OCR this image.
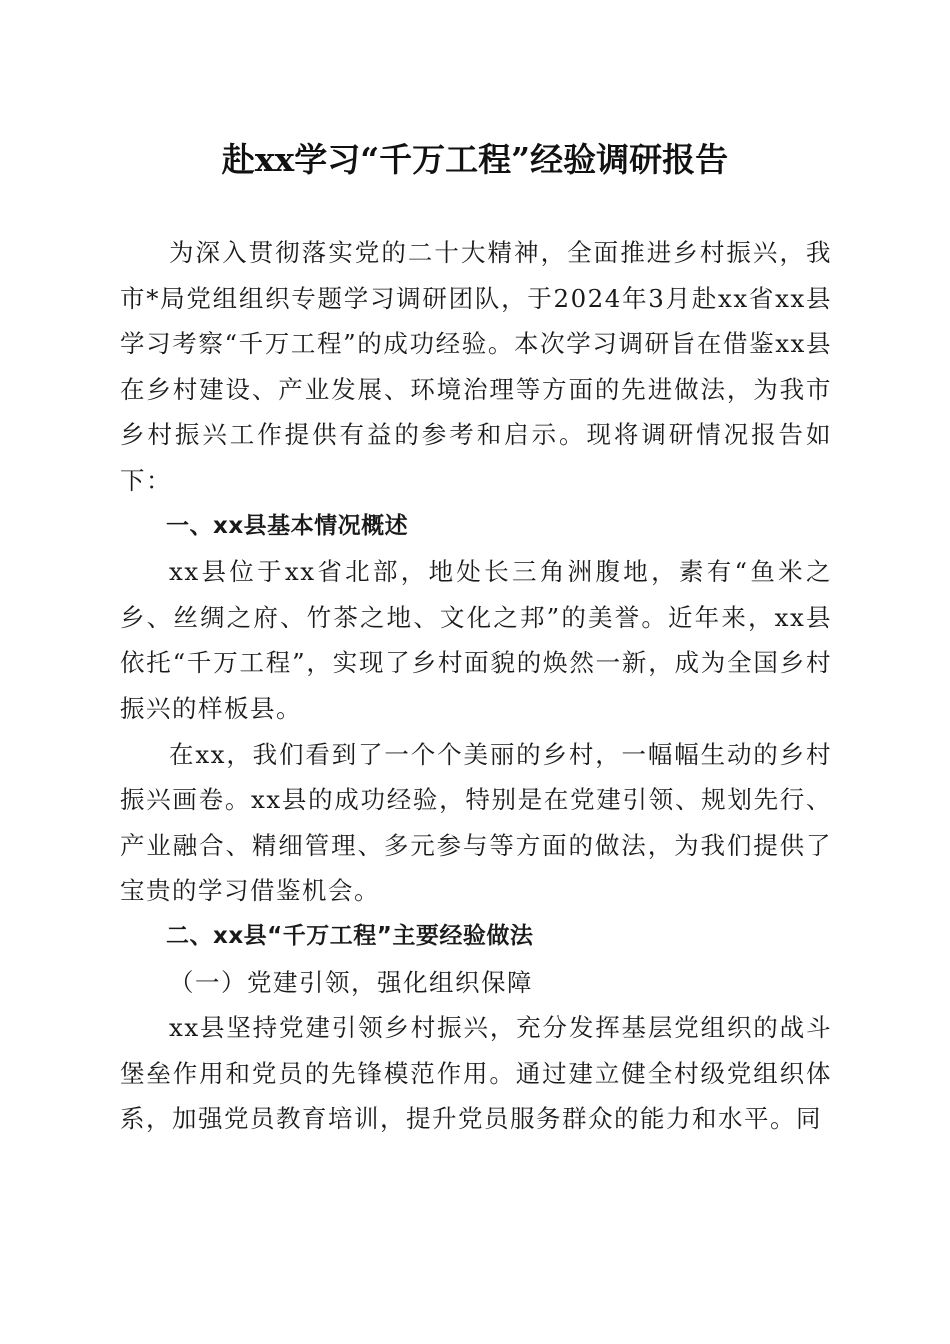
赴xx学习“千万工程”经验调研报告

为深入贯彻落实党的二十大精神，全面推进乡村振兴，我市*局党组组织专题学习调研团队，于2024年3月赴xx省xx县学习考察“千万工程”的成功经验。本次学习调研旨在借鉴xx县在乡村建设、产业发展、环境治理等方面的先进做法，为我市乡村振兴工作提供有益的参考和启示。现将调研情况报告如下：

一、xx县基本情况概述

xx县位于xx省北部，地处长三角洲腹地，素有“鱼米之乡、丝绸之府、竹茶之地、文化之邦”的美誉。近年来，xx县依托“千万工程”，实现了乡村面貌的焕然一新，成为全国乡村振兴的样板县。

在xx，我们看到了一个个美丽的乡村，一幅幅生动的乡村振兴画卷。xx县的成功经验，特别是在党建引领、规划先行、产业融合、精细管理、多元参与等方面的做法，为我们提供了宝贵的学习借鉴机会。

二、xx县“千万工程”主要经验做法

（一）党建引领，强化组织保障

xx县坚持党建引领乡村振兴，充分发挥基层党组织的战斗堡垒作用和党员的先锋模范作用。通过建立健全村级党组织体系，加强党员教育培训，提升党员服务群众的能力和水平。同
